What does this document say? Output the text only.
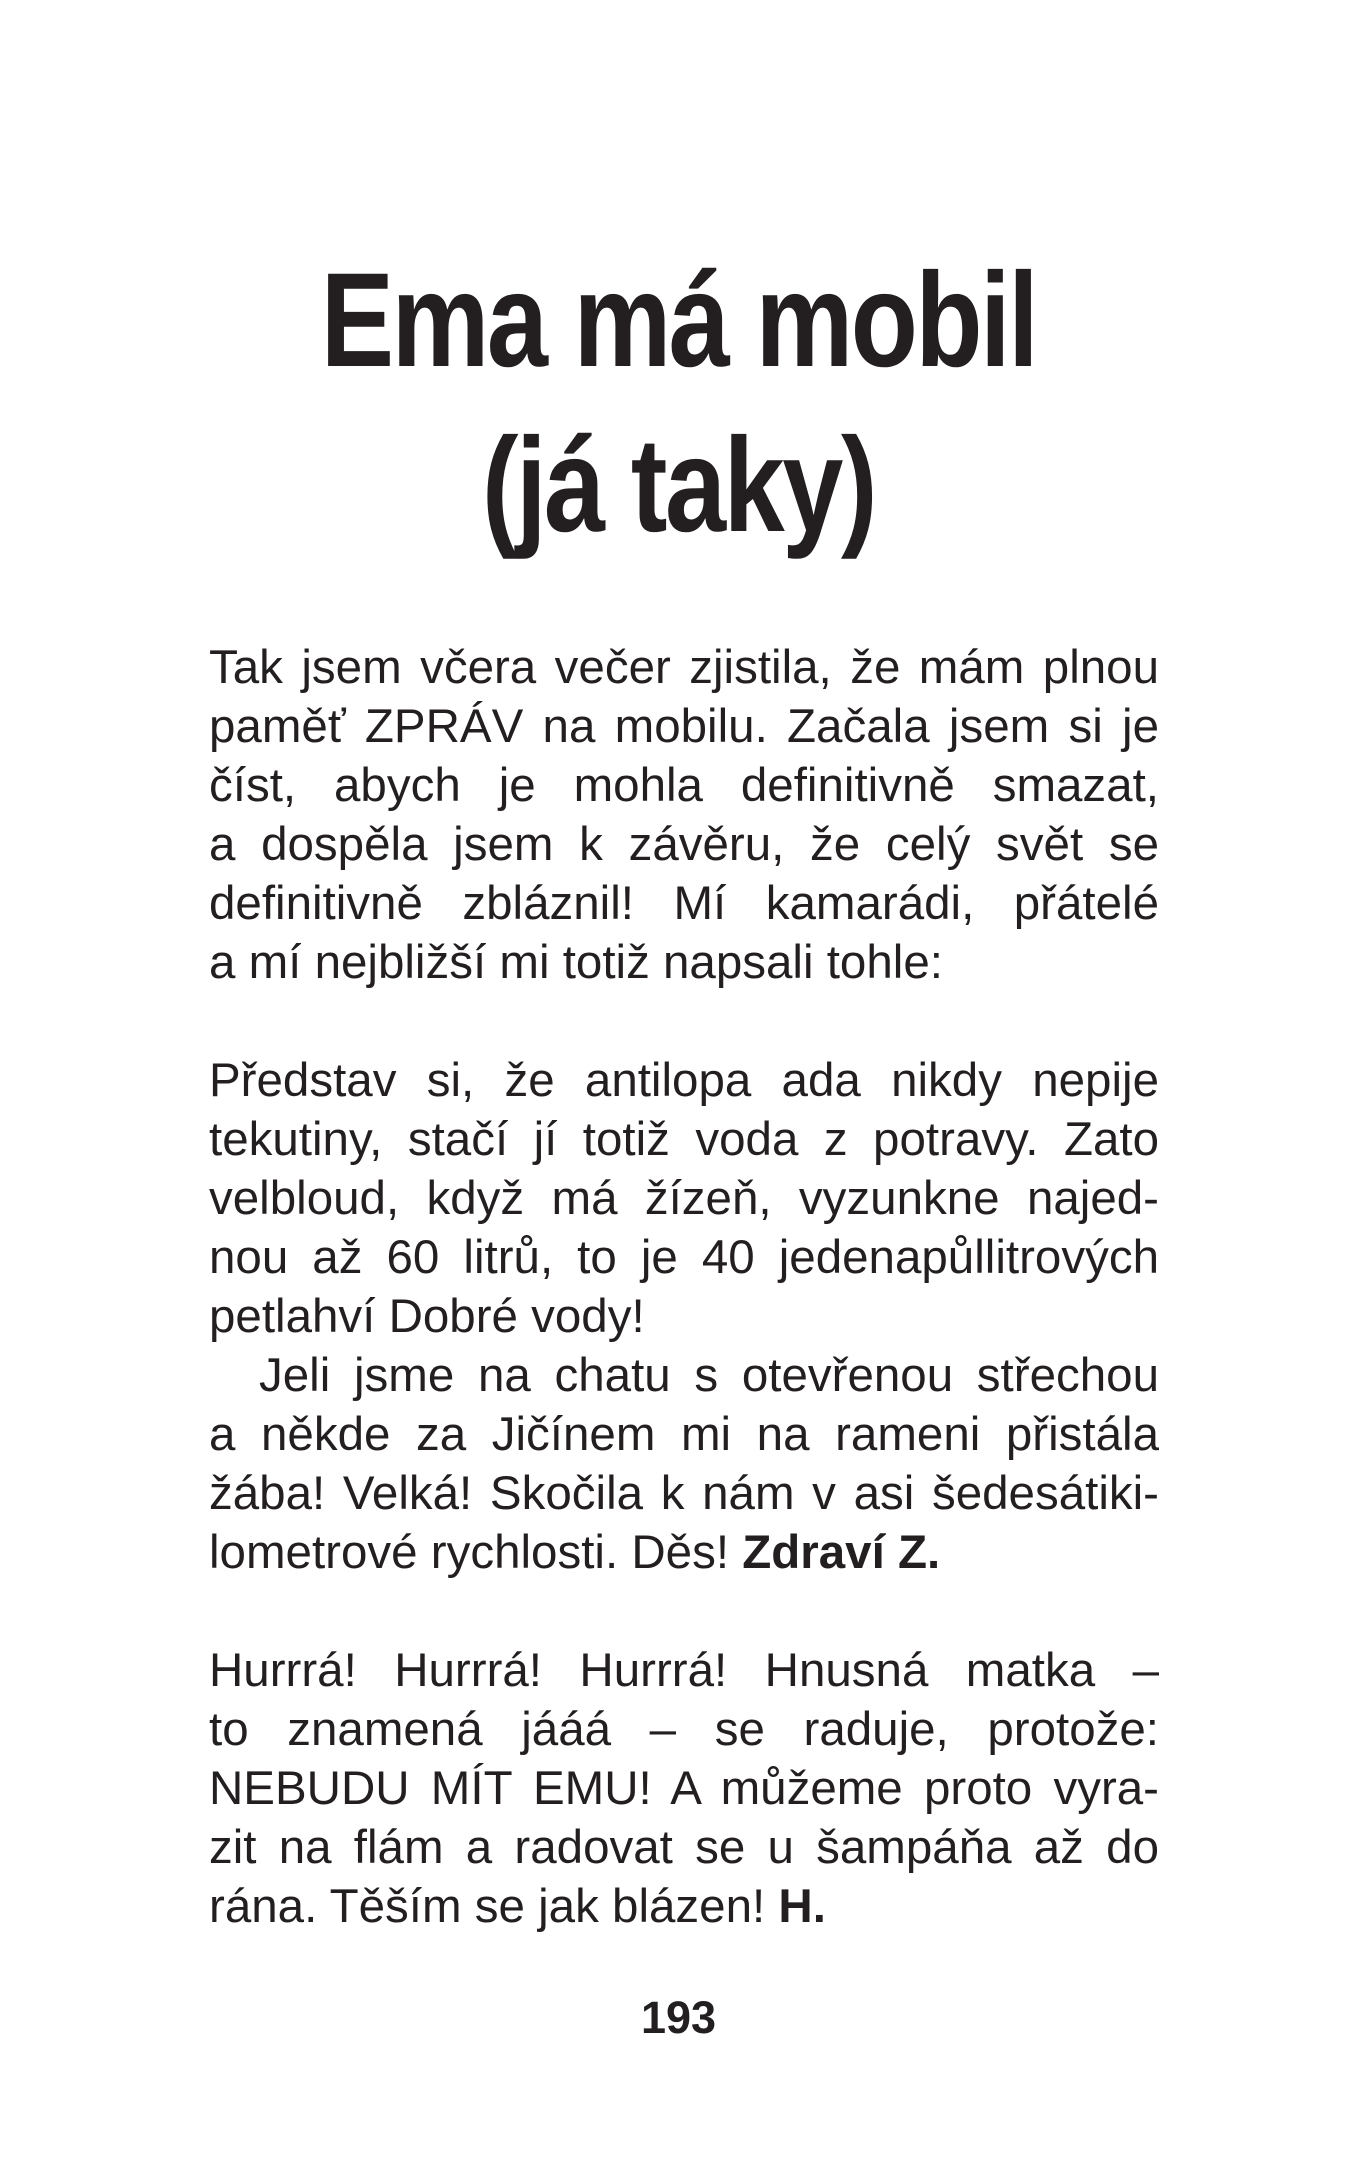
Ema má mobil
(já taky)

Tak jsem včera večer zjistila, že mám plnou
paměť ZPRÁV na mobilu. Začala jsem si je
číst, abych je mohla definitivně smazat,
a dospěla jsem k závěru, že celý svět se
definitivně zbláznil! Mí kamarádi, přátelé
a mí nejbližší mi totiž napsali tohle:

Představ si, že antilopa ada nikdy nepije
tekutiny, stačí jí totiž voda z potravy. Zato
velbloud, když má žízeň, vyzunkne najed-
nou až 60 litrů, to je 40 jedenapůllitrových
petlahví Dobré vody!

Jeli jsme na chatu s otevřenou střechou
a někde za Jičínem mi na rameni přistála
žába! Velká! Skočila k nám v asi šedesátiki-
lometrové rychlosti. Děs! Zdraví Z.

Hurrrá! Hurrrá! Hurrrá! Hnusná matka –
to znamená jááá – se raduje, protože:
NEBUDU MÍT EMU! A můžeme proto vyra-
zit na flám a radovat se u šampáňa až do
rána. Těším se jak blázen! H.

193
